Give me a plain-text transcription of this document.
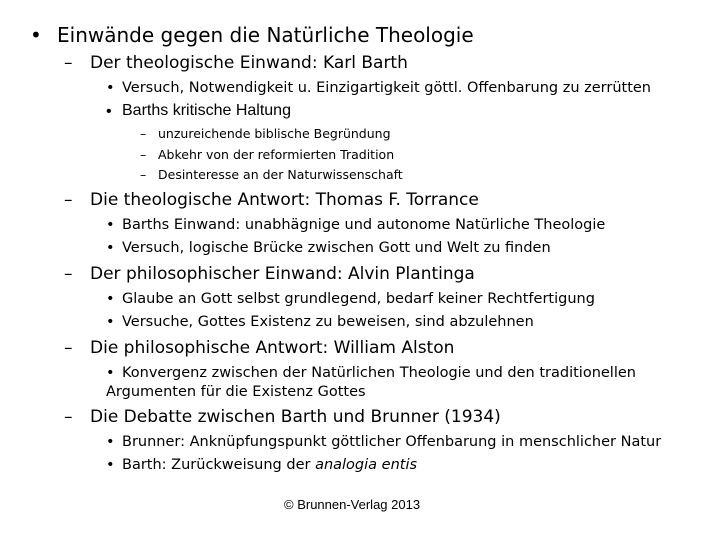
• Einwände gegen die Natürliche Theologie
– Der theologische Einwand: Karl Barth
• Versuch, Notwendigkeit u. Einzigartigkeit göttl. Offenbarung zu zerrütten
• Barths kritische Haltung
– unzureichende biblische Begründung
– Abkehr von der reformierten Tradition
– Desinteresse an der Naturwissenschaft
– Die theologische Antwort: Thomas F. Torrance
• Barths Einwand: unabhägnige und autonome Natürliche Theologie
• Versuch, logische Brücke zwischen Gott und Welt zu finden
– Der philosophischer Einwand: Alvin Plantinga
• Glaube an Gott selbst grundlegend, bedarf keiner Rechtfertigung
• Versuche, Gottes Existenz zu beweisen, sind abzulehnen
– Die philosophische Antwort: William Alston
• Konvergenz zwischen der Natürlichen Theologie und den traditionellen
Argumenten für die Existenz Gottes
– Die Debatte zwischen Barth und Brunner (1934)
• Brunner: Anknüpfungspunkt göttlicher Offenbarung in menschlicher Natur
• Barth: Zurückweisung der analogia entis
© Brunnen-Verlag 2013
